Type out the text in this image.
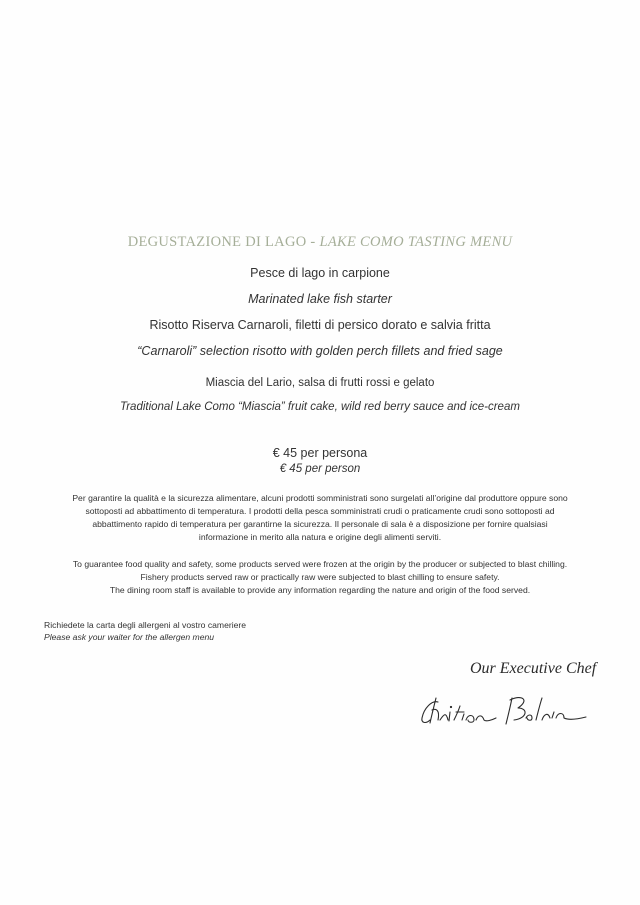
DEGUSTAZIONE DI LAGO - LAKE COMO TASTING MENU
Pesce di lago in carpione
Marinated lake fish starter
Risotto Riserva Carnaroli, filetti di persico dorato e salvia fritta
“Carnaroli” selection risotto with golden perch fillets and fried sage
Miascia del Lario, salsa di frutti rossi e gelato
Traditional Lake Como “Miascia” fruit cake, wild red berry sauce and ice-cream
€ 45 per persona
€ 45 per person

Per garantire la qualità e la sicurezza alimentare, alcuni prodotti somministrati sono surgelati all’origine dal produttore oppure sono

sottoposti ad abbattimento di temperatura. I prodotti della pesca somministrati crudi o praticamente crudi sono sottoposti ad

abbattimento rapido di temperatura per garantirne la sicurezza. Il personale di sala è a disposizione per fornire qualsiasi

informazione in merito alla natura e origine degli alimenti serviti.

To guarantee food quality and safety, some products served were frozen at the origin by the producer or subjected to blast chilling.

Fishery products served raw or practically raw were subjected to blast chilling to ensure safety.

The dining room staff is available to provide any information regarding the nature and origin of the food served.

Richiedete la carta degli allergeni al vostro cameriere
Please ask your waiter for the allergen menu
Our Executive Chef
